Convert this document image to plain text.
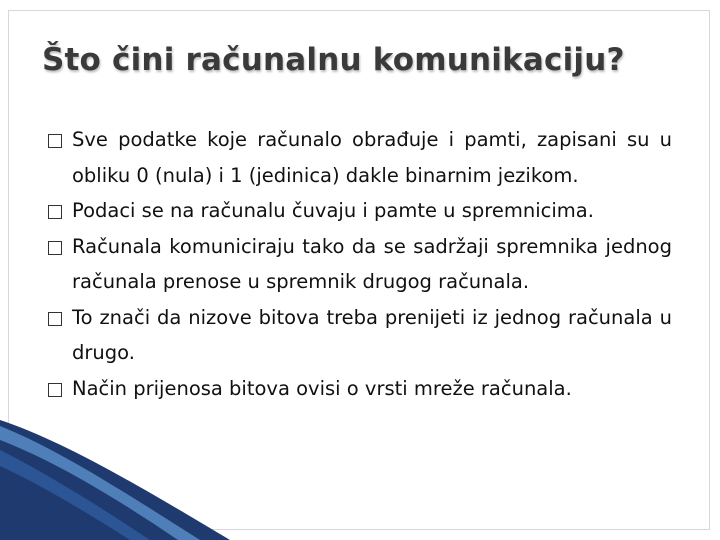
Što čini računalnu komunikaciju?
Sve podatke koje računalo obrađuje i pamti, zapisani su u obliku 0 (nula) i 1 (jedinica) dakle binarnim jezikom.
Podaci se na računalu čuvaju i pamte u spremnicima.
Računala komuniciraju tako da se sadržaji spremnika jednog računala prenose u spremnik drugog računala.
To znači da nizove bitova treba prenijeti iz jednog računala u drugo.
Način prijenosa bitova ovisi o vrsti mreže računala.
